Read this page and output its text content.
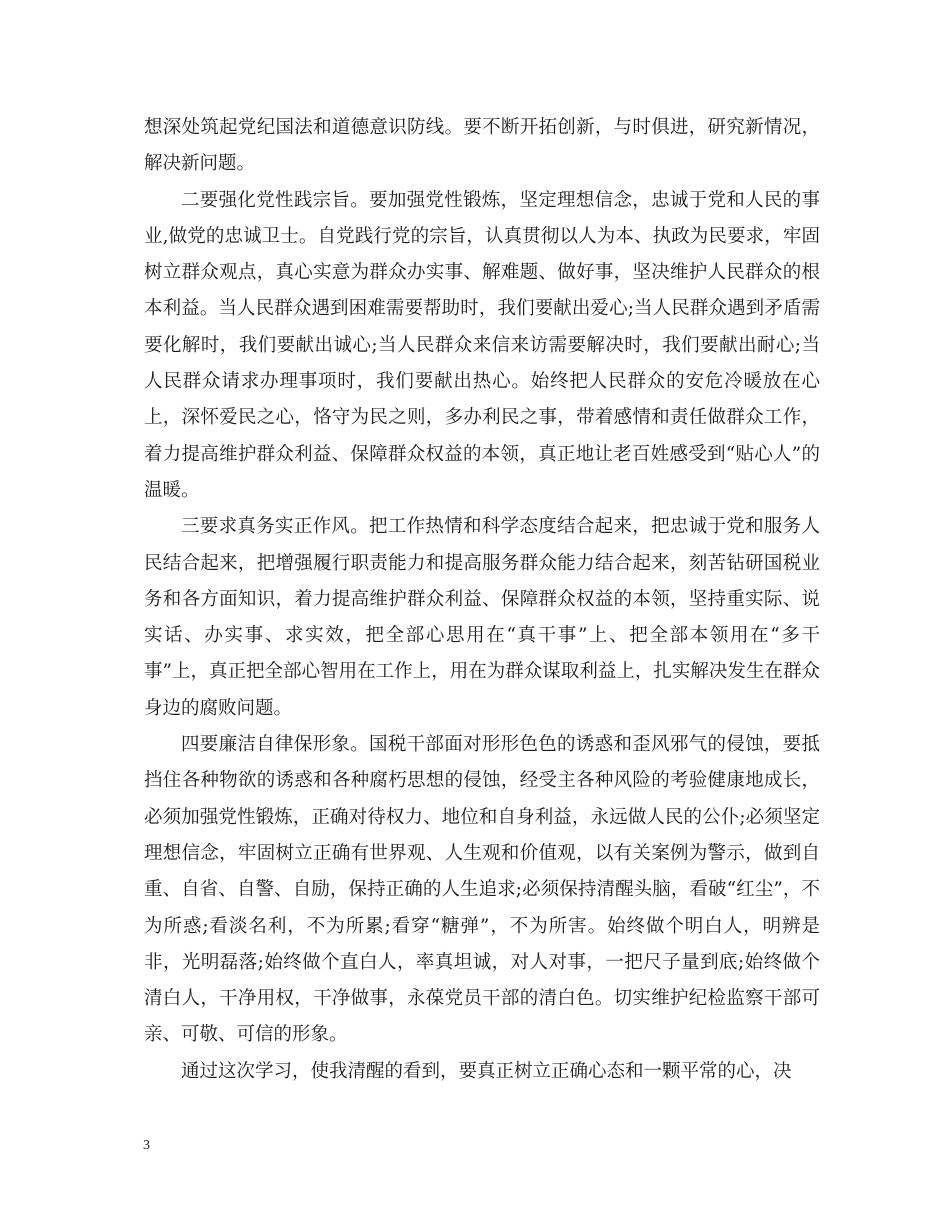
想深处筑起党纪国法和道德意识防线。要不断开拓创新，与时俱进，研究新情况，解决新问题。

二要强化党性践宗旨。要加强党性锻炼，坚定理想信念，忠诚于党和人民的事业,做党的忠诚卫士。自党践行党的宗旨，认真贯彻以人为本、执政为民要求，牢固树立群众观点，真心实意为群众办实事、解难题、做好事，坚决维护人民群众的根本利益。当人民群众遇到困难需要帮助时，我们要献出爱心;当人民群众遇到矛盾需要化解时，我们要献出诚心;当人民群众来信来访需要解决时，我们要献出耐心;当人民群众请求办理事项时，我们要献出热心。始终把人民群众的安危冷暖放在心上，深怀爱民之心，恪守为民之则，多办利民之事，带着感情和责任做群众工作，着力提高维护群众利益、保障群众权益的本领，真正地让老百姓感受到“贴心人”的温暖。

三要求真务实正作风。把工作热情和科学态度结合起来，把忠诚于党和服务人民结合起来，把增强履行职责能力和提高服务群众能力结合起来，刻苦钻研国税业务和各方面知识，着力提高维护群众利益、保障群众权益的本领，坚持重实际、说实话、办实事、求实效，把全部心思用在“真干事”上、把全部本领用在“多干事”上，真正把全部心智用在工作上，用在为群众谋取利益上，扎实解决发生在群众身边的腐败问题。

四要廉洁自律保形象。国税干部面对形形色色的诱惑和歪风邪气的侵蚀，要抵挡住各种物欲的诱惑和各种腐朽思想的侵蚀，经受主各种风险的考验健康地成长，必须加强党性锻炼，正确对待权力、地位和自身利益，永远做人民的公仆;必须坚定理想信念，牢固树立正确有世界观、人生观和价值观，以有关案例为警示，做到自重、自省、自警、自励，保持正确的人生追求;必须保持清醒头脑，看破“红尘”，不为所惑;看淡名利，不为所累;看穿“糖弹”，不为所害。始终做个明白人，明辨是非，光明磊落;始终做个直白人，率真坦诚，对人对事，一把尺子量到底;始终做个清白人，干净用权，干净做事，永葆党员干部的清白色。切实维护纪检监察干部可亲、可敬、可信的形象。

通过这次学习，使我清醒的看到，要真正树立正确心态和一颗平常的心，决

3
